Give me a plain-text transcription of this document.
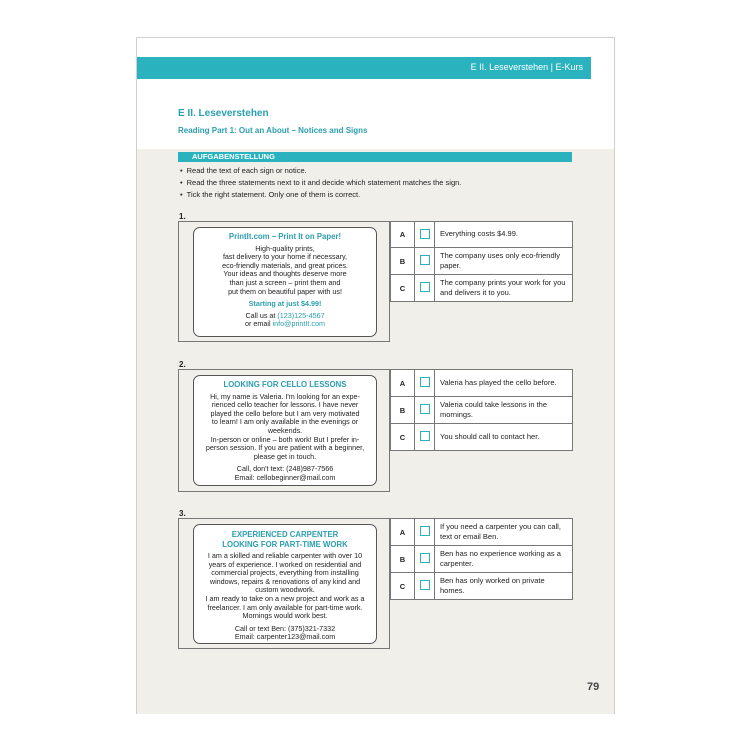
E II. Leseverstehen | E-Kurs
E II. Leseverstehen
Reading Part 1: Out an About – Notices and Signs
AUFGABENSTELLUNG
• Read the text of each sign or notice.
• Read the three statements next to it and decide which statement matches the sign.
• Tick the right statement. Only one of them is correct.
1.
PrintIt.com – Print It on Paper!

High-quality prints,
fast delivery to your home if necessary,
eco-friendly materials, and great prices.
Your ideas and thoughts deserve more
than just a screen – print them and
put them on beautiful paper with us!

Starting at just $4.99!
Call us at (123)125-4567
or email info@printIt.com
A		Everything costs $4.99.
B		The company uses only eco-friendly paper.
C		The company prints your work for you and delivers it to you.
2.
LOOKING FOR CELLO LESSONS

Hi, my name is Valeria. I'm looking for an expe-
rienced cello teacher for lessons. I have never
played the cello before but I am very motivated
to learn! I am only available in the evenings or
weekends.
In-person or online – both work! But I prefer in-
person session. If you are patient with a beginner,
please get in touch.

Call, don't text: (248)987-7566
Email: cellobeginner@mail.com
A		Valeria has played the cello before.
B		Valeria could take lessons in the mornings.
C		You should call to contact her.
3.
EXPERIENCED CARPENTER
LOOKING FOR PART-TIME WORK

I am a skilled and reliable carpenter with over 10
years of experience. I worked on residential and
commercial projects, everything from installing
windows, repairs & renovations of any kind and
custom woodwork.
I am ready to take on a new project and work as a
freelancer. I am only available for part-time work.
Mornings would work best.

Call or text Ben: (375)321-7332
Email: carpenter123@mail.com
A		If you need a carpenter you can call, text or email Ben.
B		Ben has no experience working as a carpenter.
C		Ben has only worked on private homes.
79
